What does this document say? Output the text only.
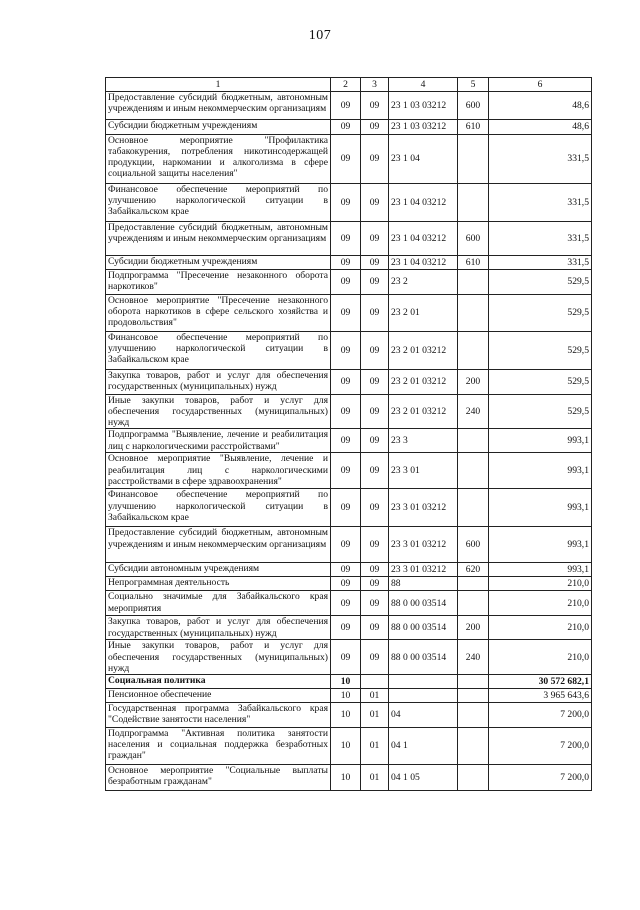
107
1	2	3	4	5	6
Предоставление субсидий бюджетным, автономным учреждениям и иным некоммерческим организациям	09	09	23 1 03 03212	600	48,6
Субсидии бюджетным учреждениям	09	09	23 1 03 03212	610	48,6
Основное мероприятие "Профилактика табакокурения, потребления никотинсодержащей продукции, наркомании и алкоголизма в сфере социальной защиты населения"	09	09	23 1 04		331,5
Финансовое обеспечение мероприятий по улучшению наркологической ситуации в Забайкальском крае	09	09	23 1 04 03212		331,5
Предоставление субсидий бюджетным, автономным учреждениям и иным некоммерческим организациям	09	09	23 1 04 03212	600	331,5
Субсидии бюджетным учреждениям	09	09	23 1 04 03212	610	331,5
Подпрограмма "Пресечение незаконного оборота наркотиков"	09	09	23 2		529,5
Основное мероприятие "Пресечение незаконного оборота наркотиков в сфере сельского хозяйства и продовольствия"	09	09	23 2 01		529,5
Финансовое обеспечение мероприятий по улучшению наркологической ситуации в Забайкальском крае	09	09	23 2 01 03212		529,5
Закупка товаров, работ и услуг для обеспечения государственных (муниципальных) нужд	09	09	23 2 01 03212	200	529,5
Иные закупки товаров, работ и услуг для обеспечения государственных (муниципальных) нужд	09	09	23 2 01 03212	240	529,5
Подпрограмма "Выявление, лечение и реабилитация лиц с наркологическими расстройствами"	09	09	23 3		993,1
Основное мероприятие "Выявление, лечение и реабилитация лиц с наркологическими расстройствами в сфере здравоохранения"	09	09	23 3 01		993,1
Финансовое обеспечение мероприятий по улучшению наркологической ситуации в Забайкальском крае	09	09	23 3 01 03212		993,1
Предоставление субсидий бюджетным, автономным учреждениям и иным некоммерческим организациям	09	09	23 3 01 03212	600	993,1
Субсидии автономным учреждениям	09	09	23 3 01 03212	620	993,1
Непрограммная деятельность	09	09	88		210,0
Социально значимые для Забайкальского края мероприятия	09	09	88 0 00 03514		210,0
Закупка товаров, работ и услуг для обеспечения государственных (муниципальных) нужд	09	09	88 0 00 03514	200	210,0
Иные закупки товаров, работ и услуг для обеспечения государственных (муниципальных) нужд	09	09	88 0 00 03514	240	210,0
Социальная политика	10				30 572 682,1
Пенсионное обеспечение	10	01			3 965 643,6
Государственная программа Забайкальского края "Содействие занятости населения"	10	01	04		7 200,0
Подпрограмма "Активная политика занятости населения и социальная поддержка безработных граждан"	10	01	04 1		7 200,0
Основное мероприятие "Социальные выплаты безработным гражданам"	10	01	04 1 05		7 200,0
